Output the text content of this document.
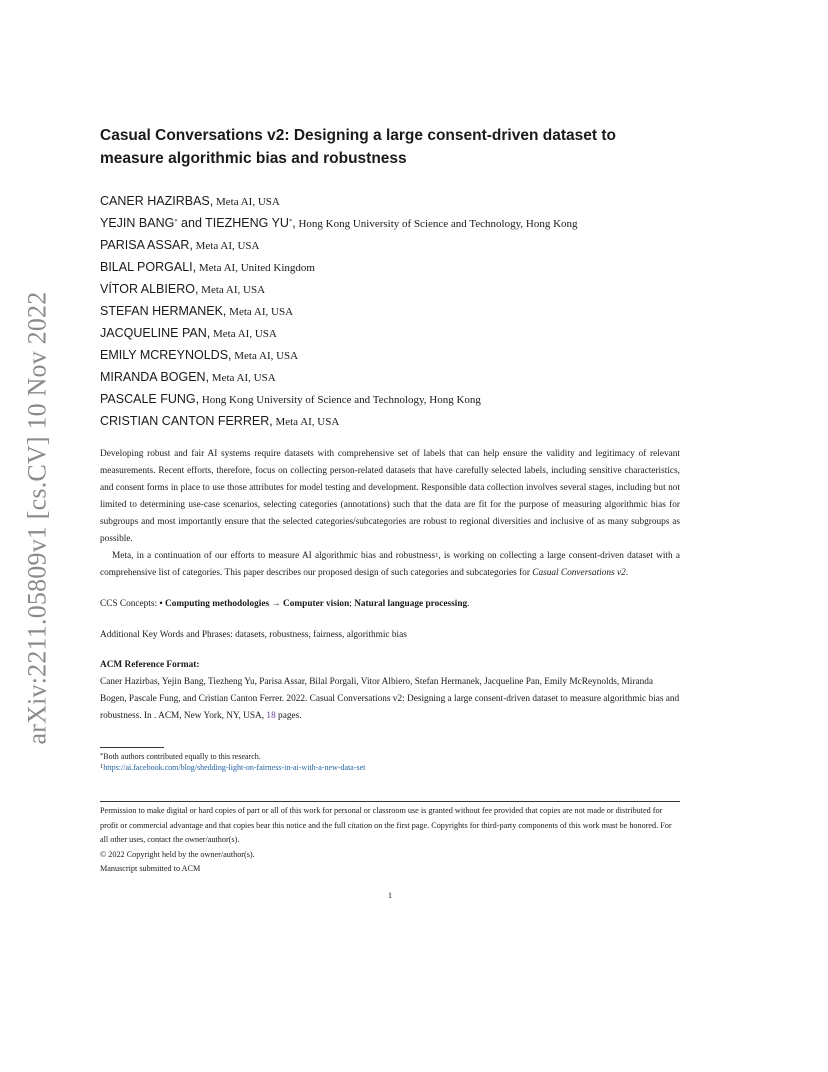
arXiv:2211.05809v1 [cs.CV] 10 Nov 2022
Casual Conversations v2: Designing a large consent-driven dataset to measure algorithmic bias and robustness
CANER HAZIRBAS, Meta AI, USA
YEJIN BANG* and TIEZHENG YU*, Hong Kong University of Science and Technology, Hong Kong
PARISA ASSAR, Meta AI, USA
BILAL PORGALI, Meta AI, United Kingdom
VÍTOR ALBIERO, Meta AI, USA
STEFAN HERMANEK, Meta AI, USA
JACQUELINE PAN, Meta AI, USA
EMILY MCREYNOLDS, Meta AI, USA
MIRANDA BOGEN, Meta AI, USA
PASCALE FUNG, Hong Kong University of Science and Technology, Hong Kong
CRISTIAN CANTON FERRER, Meta AI, USA

Developing robust and fair AI systems require datasets with comprehensive set of labels that can help ensure the validity and legitimacy of relevant measurements. Recent efforts, therefore, focus on collecting person-related datasets that have carefully selected labels, including sensitive characteristics, and consent forms in place to use those attributes for model testing and development. Responsible data collection involves several stages, including but not limited to determining use-case scenarios, selecting categories (annotations) such that the data are fit for the purpose of measuring algorithmic bias for subgroups and most importantly ensure that the selected categories/subcategories are robust to regional diversities and inclusive of as many subgroups as possible.

Meta, in a continuation of our efforts to measure AI algorithmic bias and robustness$^1$, is working on collecting a large consent-driven dataset with a comprehensive list of categories. This paper describes our proposed design of such categories and subcategories for Casual Conversations v2.

CCS Concepts: • Computing methodologies → Computer vision; Natural language processing.
Additional Key Words and Phrases: datasets, robustness, fairness, algorithmic bias
ACM Reference Format:
Caner Hazirbas, Yejin Bang, Tiezheng Yu, Parisa Assar, Bilal Porgali, Vitor Albiero, Stefan Hermanek, Jacqueline Pan, Emily McReynolds, Miranda Bogen, Pascale Fung, and Cristian Canton Ferrer. 2022. Casual Conversations v2: Designing a large consent-driven dataset to measure algorithmic bias and robustness. In . ACM, New York, NY, USA, 18 pages.
*Both authors contributed equally to this research.
$^1$https://ai.facebook.com/blog/shedding-light-on-fairness-in-ai-with-a-new-data-set

Permission to make digital or hard copies of part or all of this work for personal or classroom use is granted without fee provided that copies are not made or distributed for profit or commercial advantage and that copies bear this notice and the full citation on the first page. Copyrights for third-party components of this work must be honored. For all other uses, contact the owner/author(s).

© 2022 Copyright held by the owner/author(s).

Manuscript submitted to ACM

1
